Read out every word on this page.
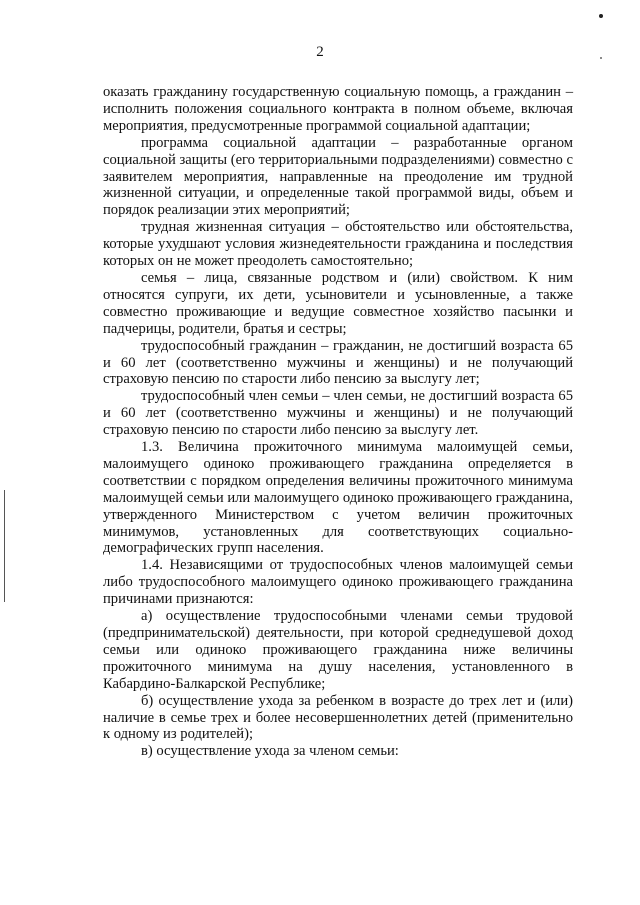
2

оказать гражданину государственную социальную помощь, а гражданин – исполнить положения социального контракта в полном объеме, включая мероприятия, предусмотренные программой социальной адаптации;

программа социальной адаптации – разработанные органом социальной защиты (его территориальными подразделениями) совместно с заявителем мероприятия, направленные на преодоление им трудной жизненной ситуации, и определенные такой программой виды, объем и порядок реализации этих мероприятий;

трудная жизненная ситуация – обстоятельство или обстоятельства, которые ухудшают условия жизнедеятельности гражданина и последствия которых он не может преодолеть самостоятельно;

семья – лица, связанные родством и (или) свойством. К ним относятся супруги, их дети, усыновители и усыновленные, а также совместно проживающие и ведущие совместное хозяйство пасынки и падчерицы, родители, братья и сестры;

трудоспособный гражданин – гражданин, не достигший возраста 65 и 60 лет (соответственно мужчины и женщины) и не получающий страховую пенсию по старости либо пенсию за выслугу лет;

трудоспособный член семьи – член семьи, не достигший возраста 65 и 60 лет (соответственно мужчины и женщины) и не получающий страховую пенсию по старости либо пенсию за выслугу лет.

1.3. Величина прожиточного минимума малоимущей семьи, малоимущего одиноко проживающего гражданина определяется в соответствии с порядком определения величины прожиточного минимума малоимущей семьи или малоимущего одиноко проживающего гражданина, утвержденного Министерством с учетом величин прожиточных минимумов, установленных для соответствующих социально-демографических групп населения.

1.4. Независящими от трудоспособных членов малоимущей семьи либо трудоспособного малоимущего одиноко проживающего гражданина причинами признаются:

а) осуществление трудоспособными членами семьи трудовой (предпринимательской) деятельности, при которой среднедушевой доход семьи или одиноко проживающего гражданина ниже величины прожиточного минимума на душу населения, установленного в Кабардино-Балкарской Республике;

б) осуществление ухода за ребенком в возрасте до трех лет и (или) наличие в семье трех и более несовершеннолетних детей (применительно к одному из родителей);

в) осуществление ухода за членом семьи:
